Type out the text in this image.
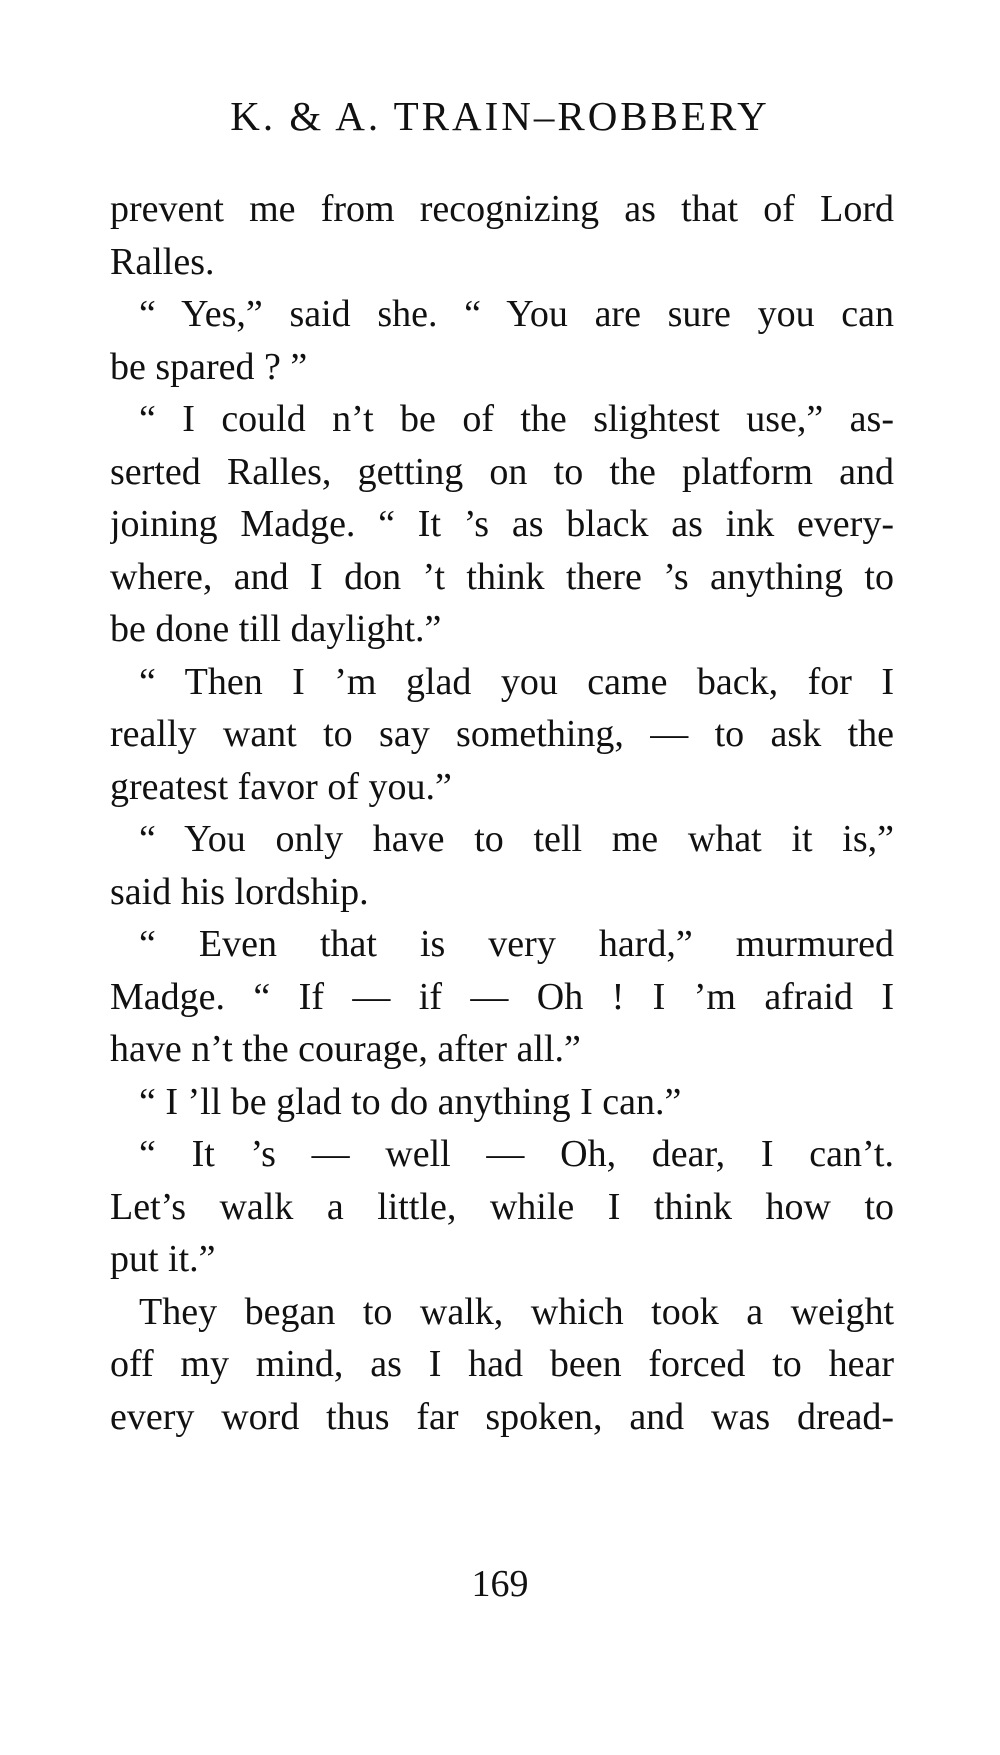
K. & A. TRAIN–ROBBERY
prevent me from recognizing as that of Lord
Ralles.
“ Yes,” said she. “ You are sure you can
be spared ? ”
“ I could n’t be of the slightest use,” as-
serted Ralles, getting on to the platform and
joining Madge. “ It ’s as black as ink every-
where, and I don ’t think there ’s anything to
be done till daylight.”
“ Then I ’m glad you came back, for I
really want to say something, — to ask the
greatest favor of you.”
“ You only have to tell me what it is,”
said his lordship.
“ Even that is very hard,” murmured
Madge. “ If — if — Oh ! I ’m afraid I
have n’t the courage, after all.”
“ I ’ll be glad to do anything I can.”
“ It ’s — well — Oh, dear, I can’t.
Let’s walk a little, while I think how to
put it.”
They began to walk, which took a weight
off my mind, as I had been forced to hear
every word thus far spoken, and was dread-
169
